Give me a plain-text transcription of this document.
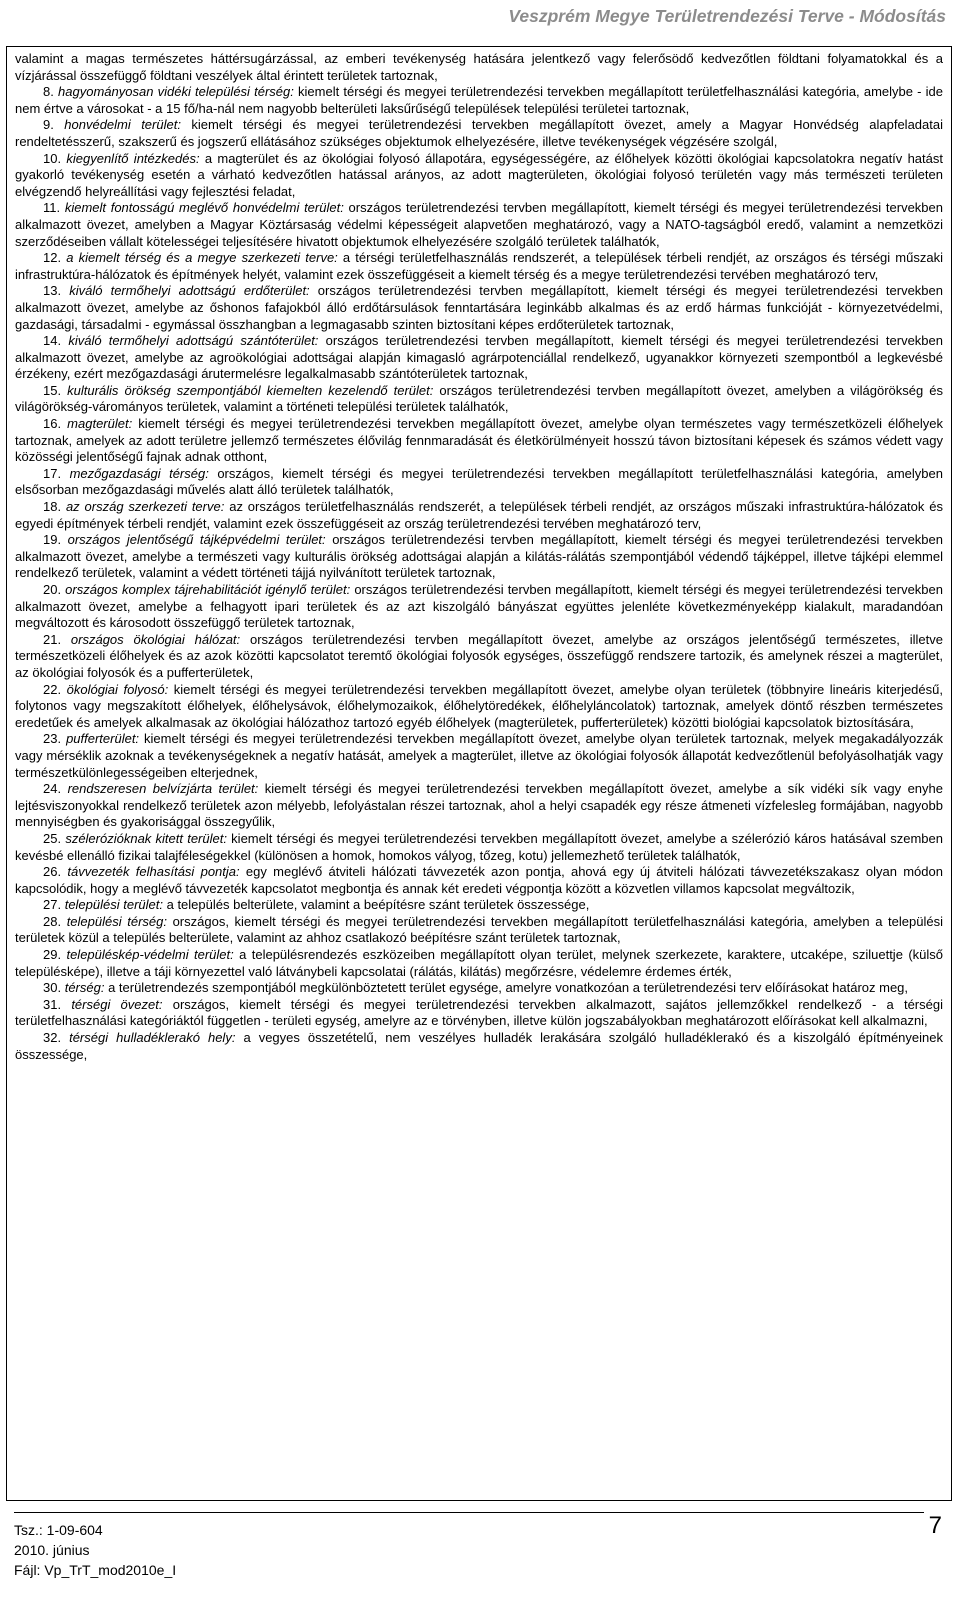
Veszprém Megye Területrendezési Terve - Módosítás

valamint a magas természetes háttérsugárzással, az emberi tevékenység hatására jelentkező vagy felerősödő kedvezőtlen földtani folyamatokkal és a vízjárással összefüggő földtani veszélyek által érintett területek tartoznak,

8. hagyományosan vidéki települési térség: kiemelt térségi és megyei területrendezési tervekben megállapított területfelhasználási kategória, amelybe - ide nem értve a városokat - a 15 fő/ha-nál nem nagyobb belterületi laksűrűségű települések települési területei tartoznak,

9. honvédelmi terület: kiemelt térségi és megyei területrendezési tervekben megállapított övezet, amely a Magyar Honvédség alapfeladatai rendeltetésszerű, szakszerű és jogszerű ellátásához szükséges objektumok elhelyezésére, illetve tevékenységek végzésére szolgál,

10. kiegyenlítő intézkedés: a magterület és az ökológiai folyosó állapotára, egységességére, az élőhelyek közötti ökológiai kapcsolatokra negatív hatást gyakorló tevékenység esetén a várható kedvezőtlen hatással arányos, az adott magterületen, ökológiai folyosó területén vagy más természeti területen elvégzendő helyreállítási vagy fejlesztési feladat,

11. kiemelt fontosságú meglévő honvédelmi terület: országos területrendezési tervben megállapított, kiemelt térségi és megyei területrendezési tervekben alkalmazott övezet, amelyben a Magyar Köztársaság védelmi képességeit alapvetően meghatározó, vagy a NATO-tagságból eredő, valamint a nemzetközi szerződéseiben vállalt kötelességei teljesítésére hivatott objektumok elhelyezésére szolgáló területek találhatók,

12. a kiemelt térség és a megye szerkezeti terve: a térségi területfelhasználás rendszerét, a települések térbeli rendjét, az országos és térségi műszaki infrastruktúra-hálózatok és építmények helyét, valamint ezek összefüggéseit a kiemelt térség és a megye területrendezési tervében meghatározó terv,

13. kiváló termőhelyi adottságú erdőterület: országos területrendezési tervben megállapított, kiemelt térségi és megyei területrendezési tervekben alkalmazott övezet, amelybe az őshonos fafajokból álló erdőtársulások fenntartására leginkább alkalmas és az erdő hármas funkcióját - környezetvédelmi, gazdasági, társadalmi - egymással összhangban a legmagasabb szinten biztosítani képes erdőterületek tartoznak,

14. kiváló termőhelyi adottságú szántóterület: országos területrendezési tervben megállapított, kiemelt térségi és megyei területrendezési tervekben alkalmazott övezet, amelybe az agroökológiai adottságai alapján kimagasló agrárpotenciállal rendelkező, ugyanakkor környezeti szempontból a legkevésbé érzékeny, ezért mezőgazdasági árutermelésre legalkalmasabb szántóterületek tartoznak,

15. kulturális örökség szempontjából kiemelten kezelendő terület: országos területrendezési tervben megállapított övezet, amelyben a világörökség és világörökség-várományos területek, valamint a történeti települési területek találhatók,

16. magterület: kiemelt térségi és megyei területrendezési tervekben megállapított övezet, amelybe olyan természetes vagy természetközeli élőhelyek tartoznak, amelyek az adott területre jellemző természetes élővilág fennmaradását és életkörülményeit hosszú távon biztosítani képesek és számos védett vagy közösségi jelentőségű fajnak adnak otthont,

17. mezőgazdasági térség: országos, kiemelt térségi és megyei területrendezési tervekben megállapított területfelhasználási kategória, amelyben elsősorban mezőgazdasági művelés alatt álló területek találhatók,

18. az ország szerkezeti terve: az országos területfelhasználás rendszerét, a települések térbeli rendjét, az országos műszaki infrastruktúra-hálózatok és egyedi építmények térbeli rendjét, valamint ezek összefüggéseit az ország területrendezési tervében meghatározó terv,

19. országos jelentőségű tájképvédelmi terület: országos területrendezési tervben megállapított, kiemelt térségi és megyei területrendezési tervekben alkalmazott övezet, amelybe a természeti vagy kulturális örökség adottságai alapján a kilátás-rálátás szempontjából védendő tájképpel, illetve tájképi elemmel rendelkező területek, valamint a védett történeti tájjá nyilvánított területek tartoznak,

20. országos komplex tájrehabilitációt igénylő terület: országos területrendezési tervben megállapított, kiemelt térségi és megyei területrendezési tervekben alkalmazott övezet, amelybe a felhagyott ipari területek és az azt kiszolgáló bányászat együttes jelenléte következményeképp kialakult, maradandóan megváltozott és károsodott összefüggő területek tartoznak,

21. országos ökológiai hálózat: országos területrendezési tervben megállapított övezet, amelybe az országos jelentőségű természetes, illetve természetközeli élőhelyek és az azok közötti kapcsolatot teremtő ökológiai folyosók egységes, összefüggő rendszere tartozik, és amelynek részei a magterület, az ökológiai folyosók és a pufferterületek,

22. ökológiai folyosó: kiemelt térségi és megyei területrendezési tervekben megállapított övezet, amelybe olyan területek (többnyire lineáris kiterjedésű, folytonos vagy megszakított élőhelyek, élőhelysávok, élőhelymozaikok, élőhelytöredékek, élőhelyláncolatok) tartoznak, amelyek döntő részben természetes eredetűek és amelyek alkalmasak az ökológiai hálózathoz tartozó egyéb élőhelyek (magterületek, pufferterületek) közötti biológiai kapcsolatok biztosítására,

23. pufferterület: kiemelt térségi és megyei területrendezési tervekben megállapított övezet, amelybe olyan területek tartoznak, melyek megakadályozzák vagy mérséklik azoknak a tevékenységeknek a negatív hatását, amelyek a magterület, illetve az ökológiai folyosók állapotát kedvezőtlenül befolyásolhatják vagy természetkülönlegességeiben elterjednek,

24. rendszeresen belvízjárta terület: kiemelt térségi és megyei területrendezési tervekben megállapított övezet, amelybe a sík vidéki sík vagy enyhe lejtésviszonyokkal rendelkező területek azon mélyebb, lefolyástalan részei tartoznak, ahol a helyi csapadék egy része átmeneti vízfelesleg formájában, nagyobb mennyiségben és gyakorisággal összegyűlik,

25. szélerózióknak kitett terület: kiemelt térségi és megyei területrendezési tervekben megállapított övezet, amelybe a szélerózió káros hatásával szemben kevésbé ellenálló fizikai talajféleségekkel (különösen a homok, homokos vályog, tőzeg, kotu) jellemezhető területek találhatók,

26. távvezeték felhasítási pontja: egy meglévő átviteli hálózati távvezeték azon pontja, ahová egy új átviteli hálózati távvezetékszakasz olyan módon kapcsolódik, hogy a meglévő távvezeték kapcsolatot megbontja és annak két eredeti végpontja között a közvetlen villamos kapcsolat megváltozik,

27. települési terület: a település belterülete, valamint a beépítésre szánt területek összessége,

28. települési térség: országos, kiemelt térségi és megyei területrendezési tervekben megállapított területfelhasználási kategória, amelyben a települési területek közül a település belterülete, valamint az ahhoz csatlakozó beépítésre szánt területek tartoznak,

29. településkép-védelmi terület: a településrendezés eszközeiben megállapított olyan terület, melynek szerkezete, karaktere, utcaképe, sziluettje (külső településképe), illetve a táji környezettel való látványbeli kapcsolatai (rálátás, kilátás) megőrzésre, védelemre érdemes érték,

30. térség: a területrendezés szempontjából megkülönböztetett terület egysége, amelyre vonatkozóan a területrendezési terv előírásokat határoz meg,

31. térségi övezet: országos, kiemelt térségi és megyei területrendezési tervekben alkalmazott, sajátos jellemzőkkel rendelkező - a térségi területfelhasználási kategóriáktól független - területi egység, amelyre az e törvényben, illetve külön jogszabályokban meghatározott előírásokat kell alkalmazni,

32. térségi hulladéklerakó hely: a vegyes összetételű, nem veszélyes hulladék lerakására szolgáló hulladéklerakó és a kiszolgáló építményeinek összessége,

Tsz.: 1-09-604
2010. június
Fájl: Vp_TrT_mod2010e_I
7
